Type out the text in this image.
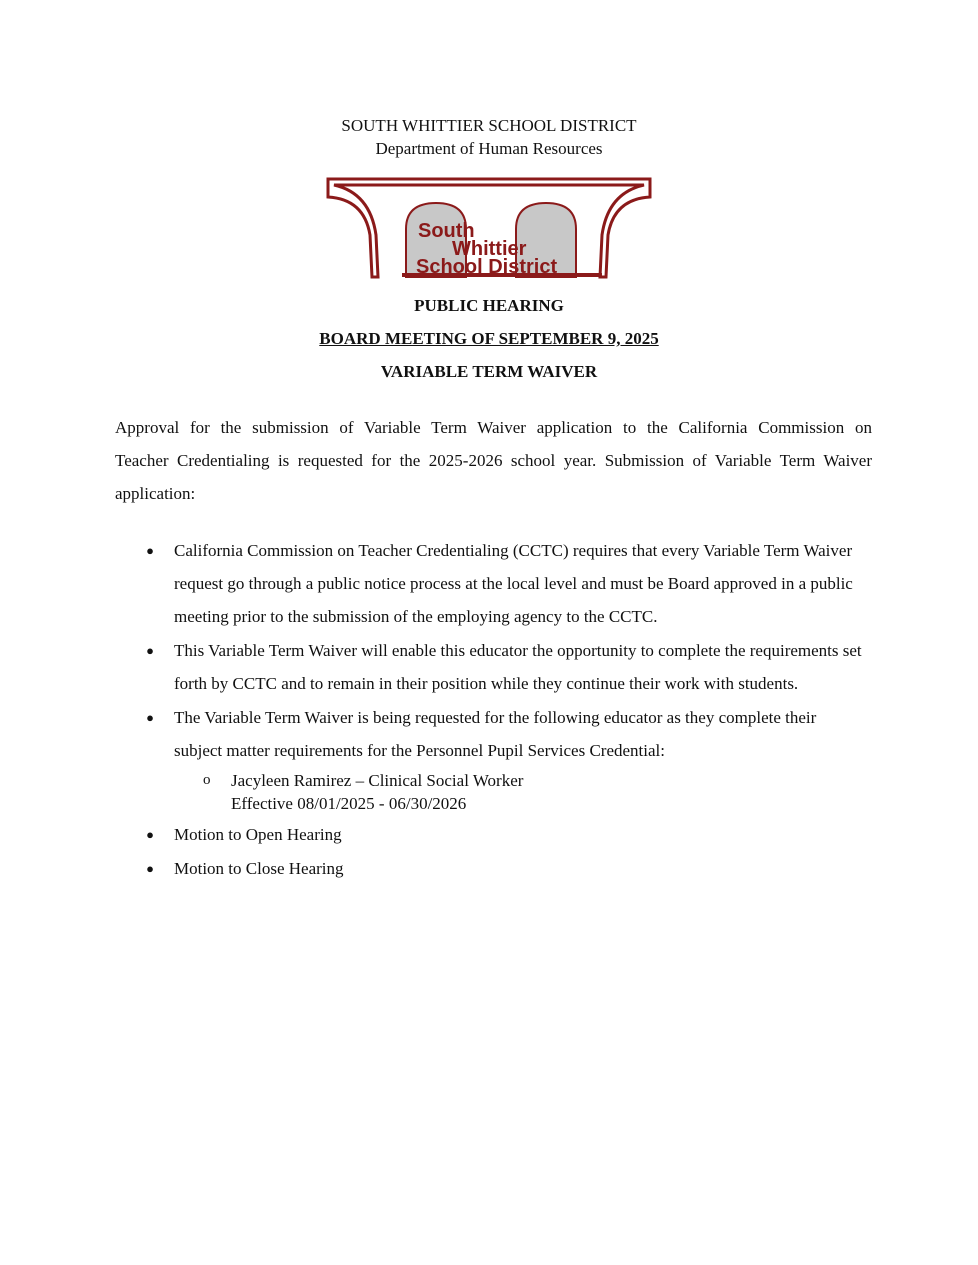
SOUTH WHITTIER SCHOOL DISTRICT
Department of Human Resources
South
Whittier
School District
PUBLIC HEARING
BOARD MEETING OF SEPTEMBER 9, 2025
VARIABLE TERM WAIVER
Approval for the submission of Variable Term Waiver application to the California Commission on Teacher Credentialing is requested for the 2025-2026 school year. Submission of Variable Term Waiver application:
● California Commission on Teacher Credentialing (CCTC) requires that every Variable Term Waiver request go through a public notice process at the local level and must be Board approved in a public meeting prior to the submission of the employing agency to the CCTC.
● This Variable Term Waiver will enable this educator the opportunity to complete the requirements set forth by CCTC and to remain in their position while they continue their work with students.
● The Variable Term Waiver is being requested for the following educator as they complete their subject matter requirements for the Personnel Pupil Services Credential:
o Jacyleen Ramirez – Clinical Social Worker
Effective 08/01/2025 - 06/30/2026
● Motion to Open Hearing
● Motion to Close Hearing
